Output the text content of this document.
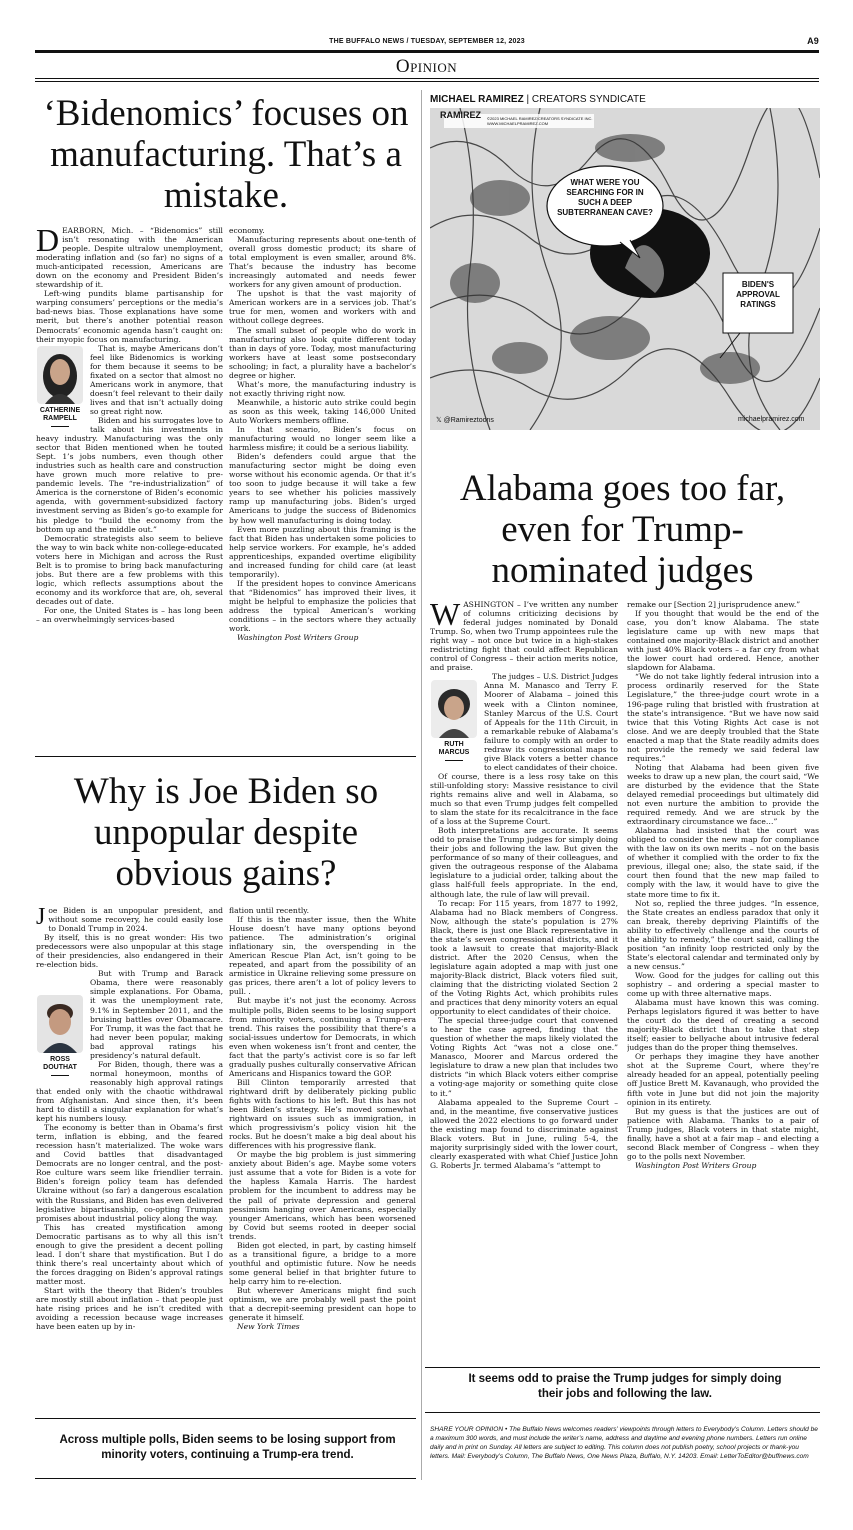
THE BUFFALO NEWS / TUESDAY, SEPTEMBER 12, 2023	A9
Opinion
‘Bidenomics’ focuses on manufacturing. That’s a mistake.

DEARBORN, Mich. – “Bidenomics” still isn’t resonating with the American people. Despite ultralow unemployment, moderating inflation and (so far) no signs of a much-anticipated recession, Americans are down on the economy and President Biden’s stewardship of it.

Left-wing pundits blame partisanship for warping consumers’ perceptions or the media’s bad-news bias. Those explanations have some merit, but there’s another potential reason Democrats’ economic agenda hasn’t caught on: their myopic focus on manufacturing.

CATHERINE
RAMPELL

That is, maybe Americans don’t feel like Bidenomics is working for them because it seems to be fixated on a sector that almost no Americans work in anymore, that doesn’t feel relevant to their daily lives and that isn’t actually doing so great right now.

Biden and his surrogates love to talk about his investments in heavy industry. Manufacturing was the only sector that Biden mentioned when he touted Sept. 1’s jobs numbers, even though other industries such as health care and construction have grown much more relative to pre-pandemic levels. The “re-industrialization” of America is the cornerstone of Biden’s economic agenda, with government-subsidized factory investment serving as Biden’s go-to example for his pledge to “build the economy from the bottom up and the middle out.”

Democratic strategists also seem to believe the way to win back white non-college-educated voters here in Michigan and across the Rust Belt is to promise to bring back manufacturing jobs. But there are a few problems with this logic, which reflects assumptions about the economy and its workforce that are, oh, several decades out of date.

For one, the United States is – has long been – an overwhelmingly services-based

economy.

Manufacturing represents about one-tenth of overall gross domestic product; its share of total employment is even smaller, around 8%. That’s because the industry has become increasingly automated and needs fewer workers for any given amount of production.

The upshot is that the vast majority of American workers are in a services job. That’s true for men, women and workers with and without college degrees.

The small subset of people who do work in manufacturing also look quite different today than in days of yore. Today, most manufacturing workers have at least some postsecondary schooling; in fact, a plurality have a bachelor’s degree or higher.

What’s more, the manufacturing industry is not exactly thriving right now.

Meanwhile, a historic auto strike could begin as soon as this week, taking 146,000 United Auto Workers members offline.

In that scenario, Biden’s focus on manufacturing would no longer seem like a harmless misfire; it could be a serious liability.

Biden’s defenders could argue that the manufacturing sector might be doing even worse without his economic agenda. Or that it’s too soon to judge because it will take a few years to see whether his policies massively ramp up manufacturing jobs. Biden’s urged Americans to judge the success of Bidenomics by how well manufacturing is doing today.

Even more puzzling about this framing is the fact that Biden has undertaken some policies to help service workers. For example, he’s added apprenticeships, expanded overtime eligibility and increased funding for child care (at least temporarily).

If the president hopes to convince Americans that “Bidenomics” has improved their lives, it might be helpful to emphasize the policies that address the typical American’s working conditions – in the sectors where they actually work.

Washington Post Writers Group

MICHAEL RAMIREZ | CREATORS SYNDICATE
RAMIREZ ©2023 MICHAEL RAMIREZ/CREATORS SYNDICATE INC. WWW.MICHAELPRAMIREZ.COM
WHAT WERE YOU SEARCHING FOR IN SUCH A DEEP SUBTERRANEAN CAVE?
BIDEN'S APPROVAL RATINGS
𝕏 @Ramireztoons	michaelpramirez.com
Alabama goes too far, even for Trump-nominated judges

WASHINGTON – I’ve written any number of columns criticizing decisions by federal judges nominated by Donald Trump. So, when two Trump appointees rule the right way – not once but twice in a high-stakes redistricting fight that could affect Republican control of Congress – their action merits notice, and praise.

RUTH
MARCUS

The judges – U.S. District Judges Anna M. Manasco and Terry F. Moorer of Alabama – joined this week with a Clinton nominee, Stanley Marcus of the U.S. Court of Appeals for the 11th Circuit, in a remarkable rebuke of Alabama’s failure to comply with an order to redraw its congressional maps to give Black voters a better chance to elect candidates of their choice.

Of course, there is a less rosy take on this still-unfolding story: Massive resistance to civil rights remains alive and well in Alabama, so much so that even Trump judges felt compelled to slam the state for its recalcitrance in the face of a loss at the Supreme Court.

Both interpretations are accurate. It seems odd to praise the Trump judges for simply doing their jobs and following the law. But given the performance of so many of their colleagues, and given the outrageous response of the Alabama legislature to a judicial order, talking about the glass half-full feels appropriate. In the end, although late, the rule of law will prevail.

To recap: For 115 years, from 1877 to 1992, Alabama had no Black members of Congress. Now, although the state’s population is 27% Black, there is just one Black representative in the state’s seven congressional districts, and it took a lawsuit to create that majority-Black district. After the 2020 Census, when the legislature again adopted a map with just one majority-Black district, Black voters filed suit, claiming that the districting violated Section 2 of the Voting Rights Act, which prohibits rules and practices that deny minority voters an equal opportunity to elect candidates of their choice.

The special three-judge court that convened to hear the case agreed, finding that the question of whether the maps likely violated the Voting Rights Act “was not a close one.” Manasco, Moorer and Marcus ordered the legislature to draw a new plan that includes two districts “in which Black voters either comprise a voting-age majority or something quite close to it.”

Alabama appealed to the Supreme Court – and, in the meantime, five conservative justices allowed the 2022 elections to go forward under the existing map found to discriminate against Black voters. But in June, ruling 5-4, the majority surprisingly sided with the lower court, clearly exasperated with what Chief Justice John G. Roberts Jr. termed Alabama’s “attempt to

remake our [Section 2] jurisprudence anew.”

If you thought that would be the end of the case, you don’t know Alabama. The state legislature came up with new maps that contained one majority-Black district and another with just 40% Black voters – a far cry from what the lower court had ordered. Hence, another slapdown for Alabama.

“We do not take lightly federal intrusion into a process ordinarily reserved for the State Legislature,” the three-judge court wrote in a 196-page ruling that bristled with frustration at the state’s intransigence. “But we have now said twice that this Voting Rights Act case is not close. And we are deeply troubled that the State enacted a map that the State readily admits does not provide the remedy we said federal law requires.”

Noting that Alabama had been given five weeks to draw up a new plan, the court said, “We are disturbed by the evidence that the State delayed remedial proceedings but ultimately did not even nurture the ambition to provide the required remedy. And we are struck by the extraordinary circumstance we face…”

Alabama had insisted that the court was obliged to consider the new map for compliance with the law on its own merits – not on the basis of whether it complied with the order to fix the previous, illegal one; also, the state said, if the court then found that the new map failed to comply with the law, it would have to give the state more time to fix it.

Not so, replied the three judges. “In essence, the State creates an endless paradox that only it can break, thereby depriving Plaintiffs of the ability to effectively challenge and the courts of the ability to remedy,” the court said, calling the position “an infinity loop restricted only by the State’s electoral calendar and terminated only by a new census.”

Wow. Good for the judges for calling out this sophistry – and ordering a special master to come up with three alternative maps.

Alabama must have known this was coming. Perhaps legislators figured it was better to have the court do the deed of creating a second majority-Black district than to take that step itself; easier to bellyache about intrusive federal judges than do the proper thing themselves.

Or perhaps they imagine they have another shot at the Supreme Court, where they’re already headed for an appeal, potentially peeling off Justice Brett M. Kavanaugh, who provided the fifth vote in June but did not join the majority opinion in its entirety.

But my guess is that the justices are out of patience with Alabama. Thanks to a pair of Trump judges, Black voters in that state might, finally, have a shot at a fair map – and electing a second Black member of Congress – when they go to the polls next November.

Washington Post Writers Group

It seems odd to praise the Trump judges for simply doing their jobs and following the law.
SHARE YOUR OPINION • The Buffalo News welcomes readers’ viewpoints through letters to Everybody’s Column. Letters should be a maximum 300 words, and must include the writer’s name, address and daytime and evening phone numbers. Letters run online daily and in print on Sunday. All letters are subject to editing. This column does not publish poetry, school projects or thank-you letters. Mail: Everybody’s Column, The Buffalo News, One News Plaza, Buffalo, N.Y. 14203. Email: LetterToEditor@buffnews.com
Why is Joe Biden so unpopular despite obvious gains?

Joe Biden is an unpopular president, and without some recovery, he could easily lose to Donald Trump in 2024.

By itself, this is no great wonder: His two predecessors were also unpopular at this stage of their presidencies, also endangered in their re-election bids.

ROSS
DOUTHAT

But with Trump and Barack Obama, there were reasonably simple explanations. For Obama, it was the unemployment rate, 9.1% in September 2011, and the bruising battles over Obamacare. For Trump, it was the fact that he had never been popular, making bad approval ratings his presidency’s natural default.

For Biden, though, there was a normal honeymoon, months of reasonably high approval ratings that ended only with the chaotic withdrawal from Afghanistan. And since then, it’s been hard to distill a singular explanation for what’s kept his numbers lousy.

The economy is better than in Obama’s first term, inflation is ebbing, and the feared recession hasn’t materialized. The woke wars and Covid battles that disadvantaged Democrats are no longer central, and the post-Roe culture wars seem like friendlier terrain. Biden’s foreign policy team has defended Ukraine without (so far) a dangerous escalation with the Russians, and Biden has even delivered legislative bipartisanship, co-opting Trumpian promises about industrial policy along the way.

This has created mystification among Democratic partisans as to why all this isn’t enough to give the president a decent polling lead. I don’t share that mystification. But I do think there’s real uncertainty about which of the forces dragging on Biden’s approval ratings matter most.

Start with the theory that Biden’s troubles are mostly still about inflation – that people just hate rising prices and he isn’t credited with avoiding a recession because wage increases have been eaten up by in-

flation until recently.

If this is the master issue, then the White House doesn’t have many options beyond patience. The administration’s original inflationary sin, the overspending in the American Rescue Plan Act, isn’t going to be repeated, and apart from the possibility of an armistice in Ukraine relieving some pressure on gas prices, there aren’t a lot of policy levers to pull. .

But maybe it’s not just the economy. Across multiple polls, Biden seems to be losing support from minority voters, continuing a Trump-era trend. This raises the possibility that there’s a social-issues undertow for Democrats, in which even when wokeness isn’t front and center, the fact that the party’s activist core is so far left gradually pushes culturally conservative African Americans and Hispanics toward the GOP.

Bill Clinton temporarily arrested that rightward drift by deliberately picking public fights with factions to his left. But this has not been Biden’s strategy. He’s moved somewhat rightward on issues such as immigration, in which progressivism’s policy vision hit the rocks. But he doesn’t make a big deal about his differences with his progressive flank.

Or maybe the big problem is just simmering anxiety about Biden’s age. Maybe some voters just assume that a vote for Biden is a vote for the hapless Kamala Harris. The hardest problem for the incumbent to address may be the pall of private depression and general pessimism hanging over Americans, especially younger Americans, which has been worsened by Covid but seems rooted in deeper social trends.

Biden got elected, in part, by casting himself as a transitional figure, a bridge to a more youthful and optimistic future. Now he needs some general belief in that brighter future to help carry him to re-election.

But wherever Americans might find such optimism, we are probably well past the point that a decrepit-seeming president can hope to generate it himself.

New York Times

Across multiple polls, Biden seems to be losing support from minority voters, continuing a Trump-era trend.
